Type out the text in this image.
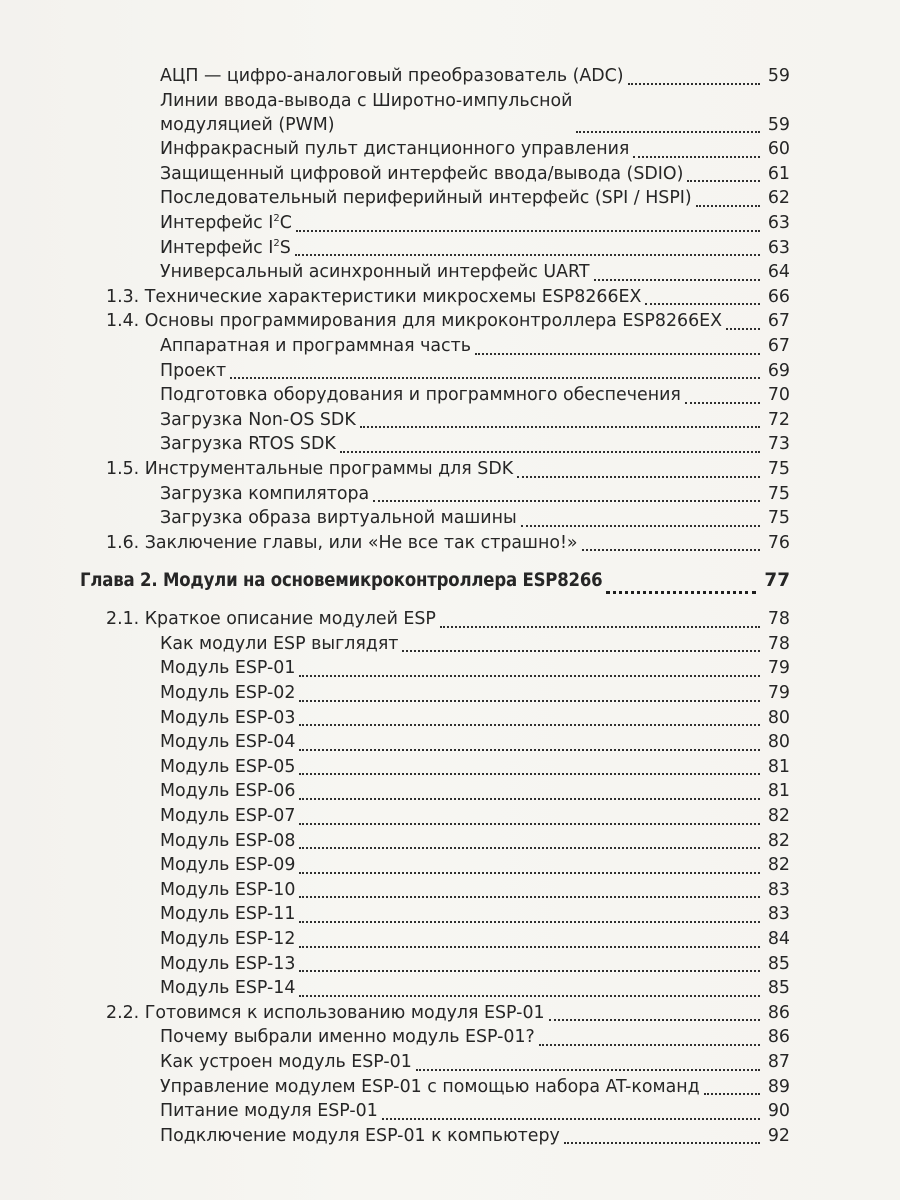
АЦП — цифро-аналоговый преобразователь (ADC)	59
Линии ввода-вывода с Широтно-импульсной
модуляцией (PWM)	59
Инфракрасный пульт дистанционного управления	60
Защищенный цифровой интерфейс ввода/вывода (SDIO)	61
Последовательный периферийный интерфейс (SPI / HSPI)	62
Интерфейс $I^2C$	63
Интерфейс $I^2S$	63
Универсальный асинхронный интерфейс UART	64
1.3. Технические характеристики микросхемы ESP8266EX	66
1.4. Основы программирования для микроконтроллера ESP8266EX	67
Аппаратная и программная часть	67
Проект	69
Подготовка оборудования и программного обеспечения	70
Загрузка Non-OS SDK	72
Загрузка RTOS SDK	73
1.5. Инструментальные программы для SDK	75
Загрузка компилятора	75
Загрузка образа виртуальной машины	75
1.6. Заключение главы, или «Не все так страшно!»	76
Глава 2. Модули на основемикроконтроллера ESP8266	77
2.1. Краткое описание модулей ESP	78
Как модули ESP выглядят	78
Модуль ESP-01	79
Модуль ESP-02	79
Модуль ESP-03	80
Модуль ESP-04	80
Модуль ESP-05	81
Модуль ESP-06	81
Модуль ESP-07	82
Модуль ESP-08	82
Модуль ESP-09	82
Модуль ESP-10	83
Модуль ESP-11	83
Модуль ESP-12	84
Модуль ESP-13	85
Модуль ESP-14	85
2.2. Готовимся к использованию модуля ESP-01	86
Почему выбрали именно модуль ESP-01?	86
Как устроен модуль ESP-01	87
Управление модулем ESP-01 с помощью набора AT-команд	89
Питание модуля ESP-01	90
Подключение модуля ESP-01 к компьютеру	92
